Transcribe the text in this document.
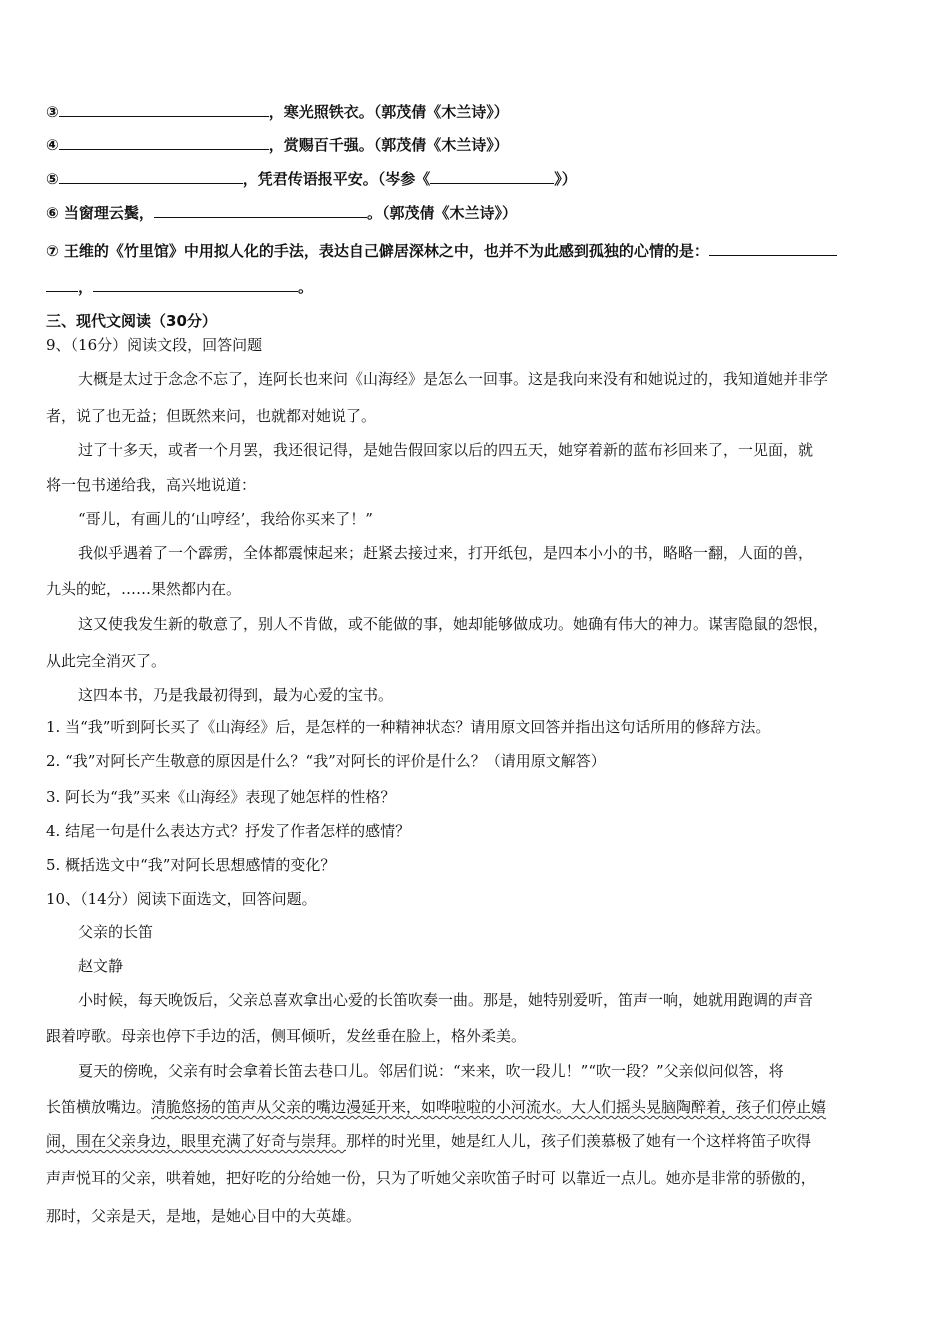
③	，寒光照铁衣。（郭茂倩《木兰诗》）

④	，赏赐百千强。（郭茂倩《木兰诗》）

⑤	，凭君传语报平安。（岑参《	》）

⑥ 当窗理云鬓，	。（郭茂倩《木兰诗》）

⑦ 王维的《竹里馆》中用拟人化的手法，表达自己僻居深林之中，也并不为此感到孤独的心情的是：

，	。

三、现代文阅读（30分）

9、（16分）阅读文段，回答问题

大概是太过于念念不忘了，连阿长也来问《山海经》是怎么一回事。这是我向来没有和她说过的，我知道她并非学

者，说了也无益；但既然来问，也就都对她说了。

过了十多天，或者一个月罢，我还很记得，是她告假回家以后的四五天，她穿着新的蓝布衫回来了，一见面，就

将一包书递给我，高兴地说道：

“哥儿，有画儿的‘山哼经’，我给你买来了！”

我似乎遇着了一个霹雳，全体都震悚起来；赶紧去接过来，打开纸包，是四本小小的书，略略一翻，人面的兽，

九头的蛇，……果然都内在。

这又使我发生新的敬意了，别人不肯做，或不能做的事，她却能够做成功。她确有伟大的神力。谋害隐鼠的怨恨，

从此完全消灭了。

这四本书，乃是我最初得到，最为心爱的宝书。

1. 当“我”听到阿长买了《山海经》后，是怎样的一种精神状态？请用原文回答并指出这句话所用的修辞方法。

2. “我”对阿长产生敬意的原因是什么？“我”对阿长的评价是什么？（请用原文解答）

3. 阿长为“我”买来《山海经》表现了她怎样的性格？

4. 结尾一句是什么表达方式？抒发了作者怎样的感情？

5. 概括选文中“我”对阿长思想感情的变化？

10、（14分）阅读下面选文，回答问题。

父亲的长笛

赵文静

小时候，每天晚饭后，父亲总喜欢拿出心爱的长笛吹奏一曲。那是，她特别爱听，笛声一响，她就用跑调的声音

跟着哼歌。母亲也停下手边的活，侧耳倾听，发丝垂在脸上，格外柔美。

夏天的傍晚，父亲有时会拿着长笛去巷口儿。邻居们说：“来来，吹一段儿！”“吹一段？”父亲似问似答，将

长笛横放嘴边。清脆悠扬的笛声从父亲的嘴边漫延开来，如哗啦啦的小河流水。大人们摇头晃脑陶醉着，孩子们停止嬉

闹，围在父亲身边，眼里充满了好奇与崇拜。那样的时光里，她是红人儿，孩子们羡慕极了她有一个这样将笛子吹得

声声悦耳的父亲，哄着她，把好吃的分给她一份，只为了听她父亲吹笛子时可 以靠近一点儿。她亦是非常的骄傲的，

那时，父亲是天，是地，是她心目中的大英雄。
